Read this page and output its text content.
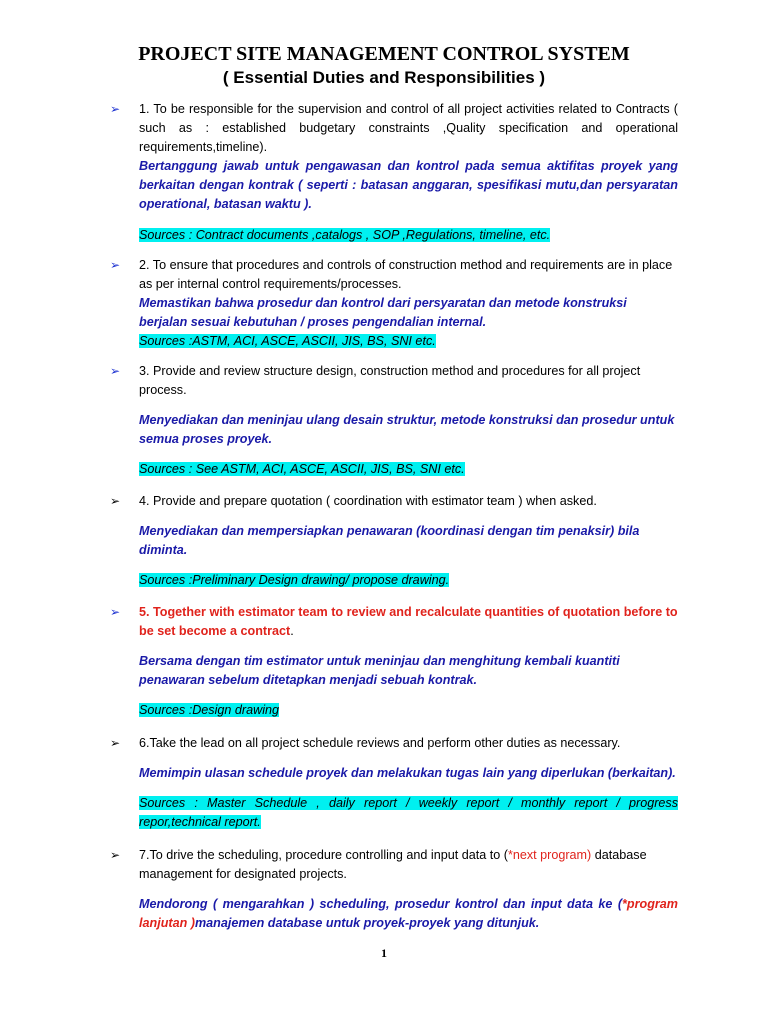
PROJECT SITE MANAGEMENT CONTROL SYSTEM
( Essential Duties and Responsibilities )
➢	1. To be responsible for the supervision and control of all project activities related to Contracts ( such as : established budgetary constraints ,Quality specification and operational requirements,timeline).
Bertanggung jawab untuk pengawasan dan kontrol pada semua aktifitas proyek yang berkaitan dengan kontrak ( seperti : batasan anggaran, spesifikasi mutu,dan persyaratan operational, batasan waktu ).
Sources : Contract documents ,catalogs , SOP ,Regulations, timeline, etc.
➢	2. To ensure that procedures and controls of construction method and requirements are in place as per internal control requirements/processes.
Memastikan bahwa prosedur dan kontrol dari persyaratan dan metode konstruksi berjalan sesuai kebutuhan / proses pengendalian internal.
Sources :ASTM, ACI, ASCE, ASCII, JIS, BS, SNI etc.
➢	3. Provide and review structure design, construction method and procedures for all project process.
Menyediakan dan meninjau ulang desain struktur, metode konstruksi dan prosedur untuk semua proses proyek.
Sources : See ASTM, ACI, ASCE, ASCII, JIS, BS, SNI etc.
➢	4. Provide and prepare quotation ( coordination with estimator team ) when asked.
Menyediakan dan mempersiapkan penawaran (koordinasi dengan tim penaksir) bila diminta.
Sources :Preliminary Design drawing/ propose drawing.
➢	5. Together with estimator team to review and recalculate quantities of quotation before to be set become a contract.
Bersama dengan tim estimator untuk meninjau dan menghitung kembali kuantiti penawaran sebelum ditetapkan menjadi sebuah kontrak.
Sources :Design drawing
➢	6.Take the lead on all project schedule reviews and perform other duties as necessary.
Memimpin ulasan schedule proyek dan melakukan tugas lain yang diperlukan (berkaitan).
Sources : Master Schedule , daily report / weekly report / monthly report / progress repor,technical report.
➢	7.To drive the scheduling, procedure controlling and input data to (*next program) database management for designated projects.
Mendorong ( mengarahkan ) scheduling, prosedur kontrol dan input data ke (*program lanjutan )manajemen database untuk proyek-proyek yang ditunjuk.
1
